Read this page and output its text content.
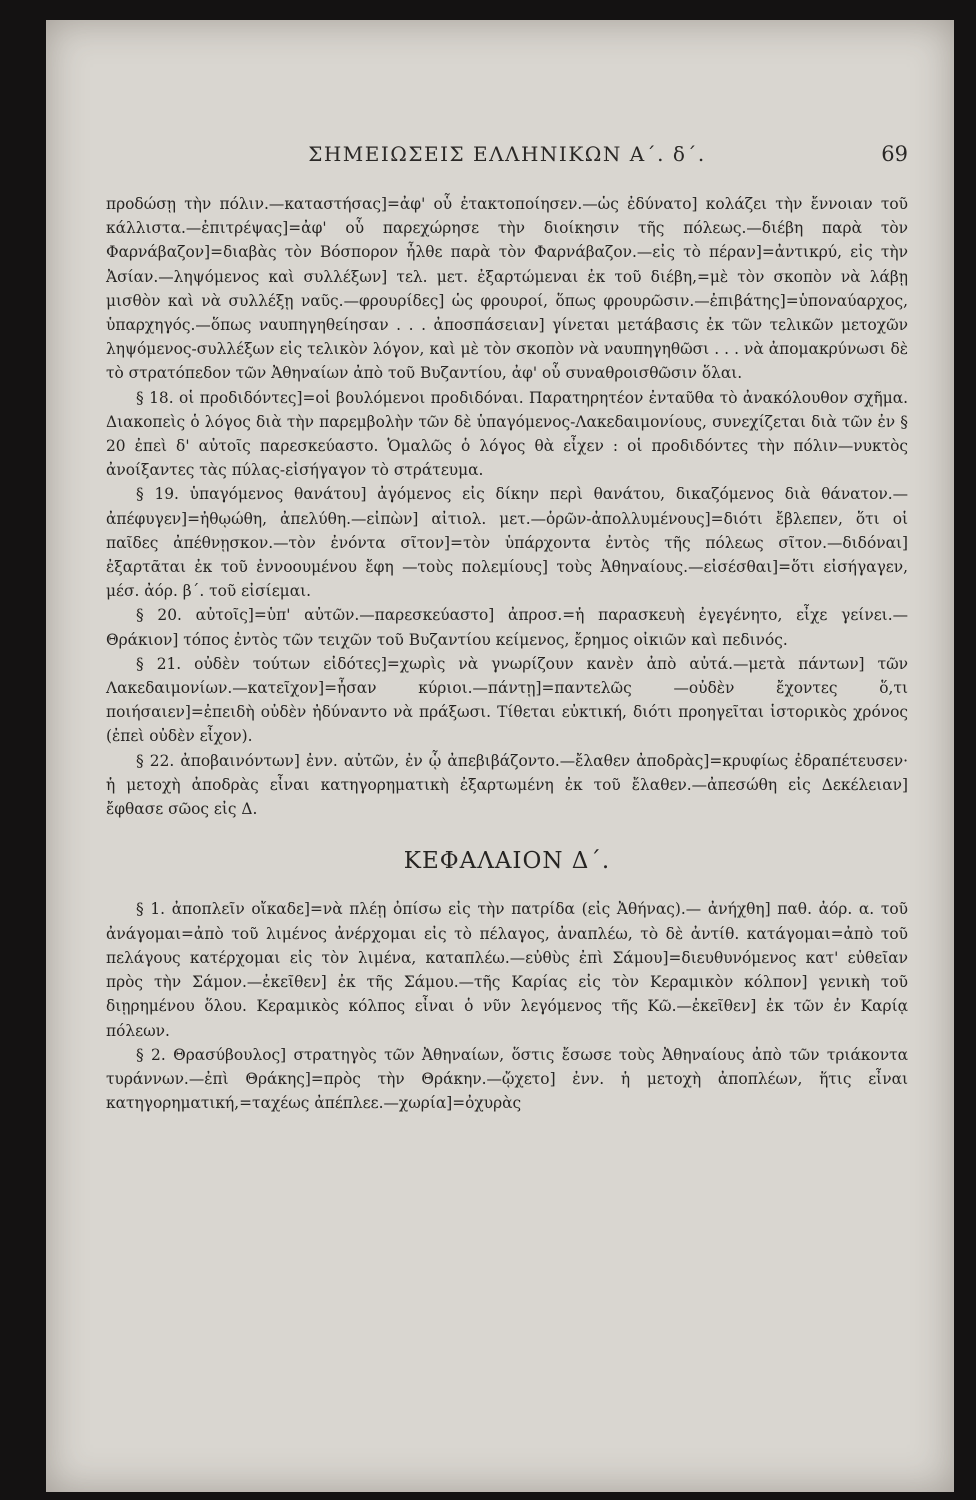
ΣΗΜΕΙΩΣΕΙΣ ΕΛΛΗΝΙΚΩΝ Α΄. δ΄.	69

προδώσῃ τὴν πόλιν.—καταστήσας]=ἀφ' οὗ ἐτακτοποίησεν.—ὡς ἐδύνατο] κολάζει τὴν ἔννοιαν τοῦ κάλλιστα.—ἐπιτρέψας]=ἀφ' οὗ παρεχώρησε τὴν διοίκησιν τῆς πόλεως.—διέβη παρὰ τὸν Φαρνάβαζον]=διαβὰς τὸν Βόσπορον ἦλθε παρὰ τὸν Φαρνάβαζον.—εἰς τὸ πέραν]=ἀντικρύ, εἰς τὴν Ἀσίαν.—ληψόμενος καὶ συλλέξων] τελ. μετ. ἐξαρτώμεναι ἐκ τοῦ διέβη,=μὲ τὸν σκοπὸν νὰ λάβῃ μισθὸν καὶ νὰ συλλέξῃ ναῦς.—φρουρίδες] ὡς φρουροί, ὅπως φρουρῶσιν.—ἐπιβάτης]=ὑποναύαρχος, ὑπαρχηγός.—ὅπως ναυπηγηθείησαν . . . ἀποσπάσειαν] γίνεται μετάβασις ἐκ τῶν τελικῶν μετοχῶν ληψόμενος-συλλέξων εἰς τελικὸν λόγον, καὶ μὲ τὸν σκοπὸν νὰ ναυπηγηθῶσι . . . νὰ ἀπομακρύνωσι δὲ τὸ στρατόπεδον τῶν Ἀθηναίων ἀπὸ τοῦ Βυζαντίου, ἀφ' οὗ συναθροισθῶσιν ὅλαι.

§ 18. οἱ προδιδόντες]=οἱ βουλόμενοι προδιδόναι. Παρατηρητέον ἐνταῦθα τὸ ἀνακόλουθον σχῆμα. Διακοπεὶς ὁ λόγος διὰ τὴν παρεμβολὴν τῶν δὲ ὑπαγόμενος-Λακεδαιμονίους, συνεχίζεται διὰ τῶν ἐν § 20 ἐπεὶ δ' αὐτοῖς παρεσκεύαστο. Ὁμαλῶς ὁ λόγος θὰ εἶχεν : οἱ προδιδόντες τὴν πόλιν—νυκτὸς ἀνοίξαντες τὰς πύλας-εἰσήγαγον τὸ στράτευμα.

§ 19. ὑπαγόμενος θανάτου] ἀγόμενος εἰς δίκην περὶ θανάτου, δικαζόμενος διὰ θάνατον.—ἀπέφυγεν]=ἠθῳώθη, ἀπελύθη.—εἰπὼν] αἰτιολ. μετ.—ὁρῶν-ἀπολλυμένους]=διότι ἔβλεπεν, ὅτι οἱ παῖδες ἀπέθνῃσκον.—τὸν ἐνόντα σῖτον]=τὸν ὑπάρχοντα ἐντὸς τῆς πόλεως σῖτον.—διδόναι] ἐξαρτᾶται ἐκ τοῦ ἐννοουμένου ἔφη —τοὺς πολεμίους] τοὺς Ἀθηναίους.—εἰσέσθαι]=ὅτι εἰσήγαγεν, μέσ. ἀόρ. β΄. τοῦ εἰσίεμαι.

§ 20. αὐτοῖς]=ὑπ' αὐτῶν.—παρεσκεύαστο] ἀπροσ.=ἡ παρασκευὴ ἐγεγένητο, εἶχε γείνει.—Θράκιον] τόπος ἐντὸς τῶν τειχῶν τοῦ Βυζαντίου κείμενος, ἔρημος οἰκιῶν καὶ πεδινός.

§ 21. οὐδὲν τούτων εἰδότες]=χωρὶς νὰ γνωρίζουν κανὲν ἀπὸ αὐτά.—μετὰ πάντων] τῶν Λακεδαιμονίων.—κατεῖχον]=ἦσαν κύριοι.—πάντῃ]=παντελῶς —οὐδὲν ἔχοντες ὅ,τι ποιήσαιεν]=ἐπειδὴ οὐδὲν ἠδύναντο νὰ πράξωσι. Τίθεται εὐκτική, διότι προηγεῖται ἱστορικὸς χρόνος (ἐπεὶ οὐδὲν εἶχον).

§ 22. ἀποβαινόντων] ἐνν. αὐτῶν, ἐν ᾧ ἀπεβιβάζοντο.—ἔλαθεν ἀποδρὰς]=κρυφίως ἐδραπέτευσεν· ἡ μετοχὴ ἀποδρὰς εἶναι κατηγορηματικὴ ἐξαρτωμένη ἐκ τοῦ ἔλαθεν.—ἀπεσώθη εἰς Δεκέλειαν] ἔφθασε σῶος εἰς Δ.

ΚΕΦΑΛΑΙΟΝ Δ΄.

§ 1. ἀποπλεῖν οἴκαδε]=νὰ πλέῃ ὀπίσω εἰς τὴν πατρίδα (εἰς Ἀθήνας).— ἀνήχθη] παθ. ἀόρ. α. τοῦ ἀνάγομαι=ἀπὸ τοῦ λιμένος ἀνέρχομαι εἰς τὸ πέλαγος, ἀναπλέω, τὸ δὲ ἀντίθ. κατάγομαι=ἀπὸ τοῦ πελάγους κατέρχομαι εἰς τὸν λιμένα, καταπλέω.—εὐθὺς ἐπὶ Σάμου]=διευθυνόμενος κατ' εὐθεῖαν πρὸς τὴν Σάμον.—ἐκεῖθεν] ἐκ τῆς Σάμου.—τῆς Καρίας εἰς τὸν Κεραμικὸν κόλπον] γενικὴ τοῦ διῃρημένου ὅλου. Κεραμικὸς κόλπος εἶναι ὁ νῦν λεγόμενος τῆς Κῶ.—ἐκεῖθεν] ἐκ τῶν ἐν Καρίᾳ πόλεων.

§ 2. Θρασύβουλος] στρατηγὸς τῶν Ἀθηναίων, ὅστις ἔσωσε τοὺς Ἀθηναίους ἀπὸ τῶν τριάκοντα τυράννων.—ἐπὶ Θράκης]=πρὸς τὴν Θράκην.—ᾤχετο] ἐνν. ἡ μετοχὴ ἀποπλέων, ἥτις εἶναι κατηγορηματική,=ταχέως ἀπέπλεε.—χωρία]=ὀχυρὰς
